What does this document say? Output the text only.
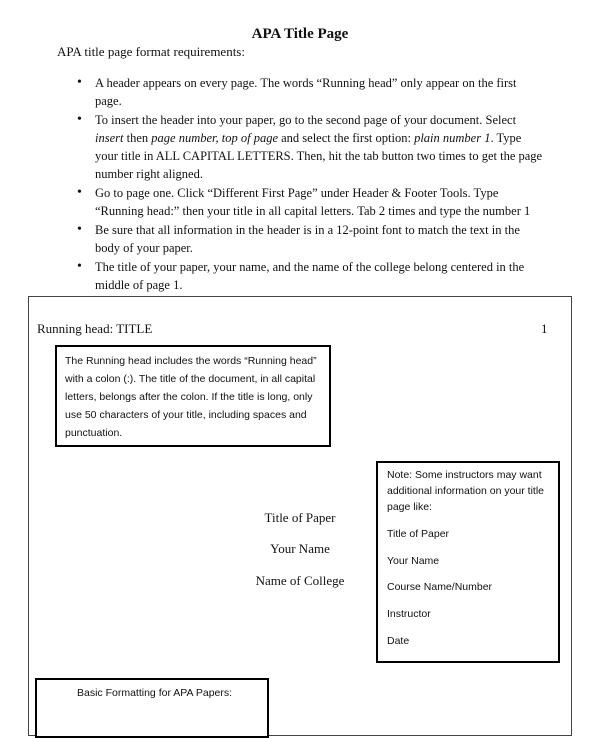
APA Title Page
APA title page format requirements:
• A header appears on every page. The words “Running head” only appear on the first page.
• To insert the header into your paper, go to the second page of your document. Select insert then page number, top of page and select the first option: plain number 1. Type your title in ALL CAPITAL LETTERS. Then, hit the tab button two times to get the page number right aligned.
• Go to page one. Click “Different First Page” under Header & Footer Tools. Type “Running head:” then your title in all capital letters. Tab 2 times and type the number 1
• Be sure that all information in the header is in a 12-point font to match the text in the body of your paper.
• The title of your paper, your name, and the name of the college belong centered in the middle of page 1.
Running head: TITLE	1
The Running head includes the words “Running head” with a colon (:). The title of the document, in all capital letters, belongs after the colon. If the title is long, only use 50 characters of your title, including spaces and punctuation.
Title of Paper
Your Name
Name of College
Note: Some instructors may want additional information on your title page like:
Title of Paper
Your Name
Course Name/Number
Instructor
Date
Basic Formatting for APA Papers:
